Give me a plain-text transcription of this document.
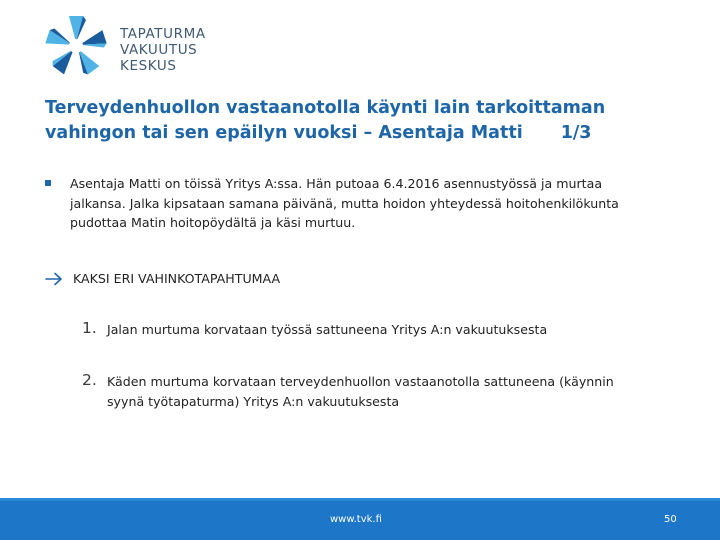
TAPATURMA
VAKUUTUS
KESKUS
Terveydenhuollon vastaanotolla käynti lain tarkoittaman
vahingon tai sen epäilyn vuoksi – Asentaja Matti 1/3
Asentaja Matti on töissä Yritys A:ssa. Hän putoaa 6.4.2016 asennustyössä ja murtaa jalkansa. Jalka kipsataan samana päivänä, mutta hoidon yhteydessä hoitohenkilökunta pudottaa Matin hoitopöydältä ja käsi murtuu.
KAKSI ERI VAHINKOTAPAHTUMAA
1. Jalan murtuma korvataan työssä sattuneena Yritys A:n vakuutuksesta
2. Käden murtuma korvataan terveydenhuollon vastaanotolla sattuneena (käynnin syynä työtapaturma) Yritys A:n vakuutuksesta
www.tvk.fi	50
